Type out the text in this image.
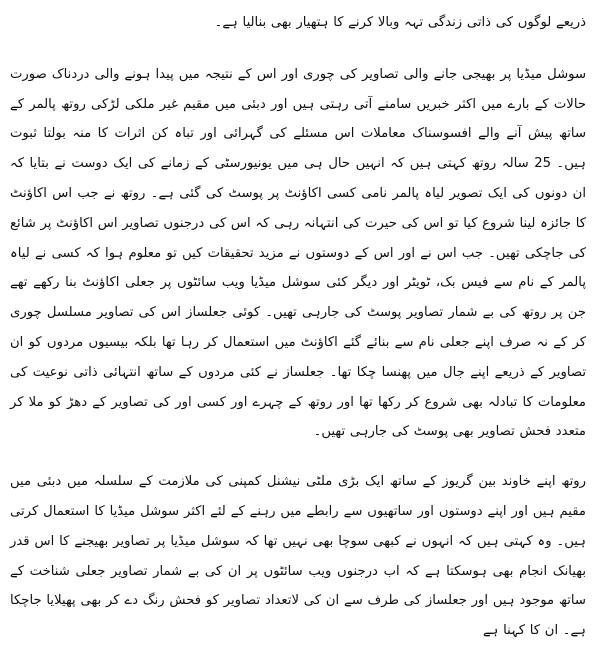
ذریعے لوگوں کی ذاتی زندگی تہہ وبالا کرنے کا ہتھیار بھی بنالیا ہے۔

سوشل میڈیا پر بھیجی جانے والی تصاویر کی چوری اور اس کے نتیجہ میں پیدا ہونے والی دردناک صورت حالات کے بارے میں اکثر خبریں سامنے آتی رہتی ہیں اور دبئی میں مقیم غیر ملکی لڑکی روتھ پالمر کے ساتھ پیش آنے والے افسوسناک معاملات اس مسئلے کی گہرائی اور تباہ کن اثرات کا منہ بولتا ثبوت ہیں۔ 25 سالہ روتھ کہتی ہیں کہ انہیں حال ہی میں یونیورسٹی کے زمانے کی ایک دوست نے بتایا کہ ان دونوں کی ایک تصویر لیاہ پالمر نامی کسی اکاؤنٹ پر پوسٹ کی گئی ہے۔ روتھ نے جب اس اکاؤنٹ کا جائزہ لینا شروع کیا تو اس کی حیرت کی انتہانہ رہی کہ اس کی درجنوں تصاویر اس اکاؤنٹ پر شائع کی جاچکی تھیں۔ جب اس نے اور اس کے دوستوں نے مزید تحقیقات کیں تو معلوم ہوا کہ کسی نے لیاہ پالمر کے نام سے فیس بک، ٹویٹر اور دیگر کئی سوشل میڈیا ویب سائٹوں پر جعلی اکاؤنٹ بنا رکھے تھے جن پر روتھ کی بے شمار تصاویر پوسٹ کی جارہی تھیں۔ کوئی جعلساز اس کی تصاویر مسلسل چوری کر کے نہ صرف اپنے جعلی نام سے بنائے گئے اکاؤنٹ میں استعمال کر رہا تھا بلکہ بیسیوں مردوں کو ان تصاویر کے ذریعے اپنے جال میں پھنسا چکا تھا۔ جعلساز نے کئی مردوں کے ساتھ انتہائی ذاتی نوعیت کی معلومات کا تبادلہ بھی شروع کر رکھا تھا اور روتھ کے چہرے اور کسی اور کی تصاویر کے دھڑ کو ملا کر متعدد فحش تصاویر بھی پوسٹ کی جارہی تھیں۔

روتھ اپنے خاوند بین گریوز کے ساتھ ایک بڑی ملٹی نیشنل کمپنی کی ملازمت کے سلسلہ میں دبئی میں مقیم ہیں اور اپنے دوستوں اور ساتھیوں سے رابطے میں رہنے کے لئے اکثر سوشل میڈیا کا استعمال کرتی ہیں۔ وہ کہتی ہیں کہ انہوں نے کبھی سوچا بھی نہیں تھا کہ سوشل میڈیا پر تصاویر بھیجنے کا اس قدر بھیانک انجام بھی ہوسکتا ہے کہ اب درجنوں ویب سائٹوں پر ان کی بے شمار تصاویر جعلی شناخت کے ساتھ موجود ہیں اور جعلساز کی طرف سے ان کی لاتعداد تصاویر کو فحش رنگ دے کر بھی پھیلایا جاچکا ہے۔ ان کا کہنا ہے
